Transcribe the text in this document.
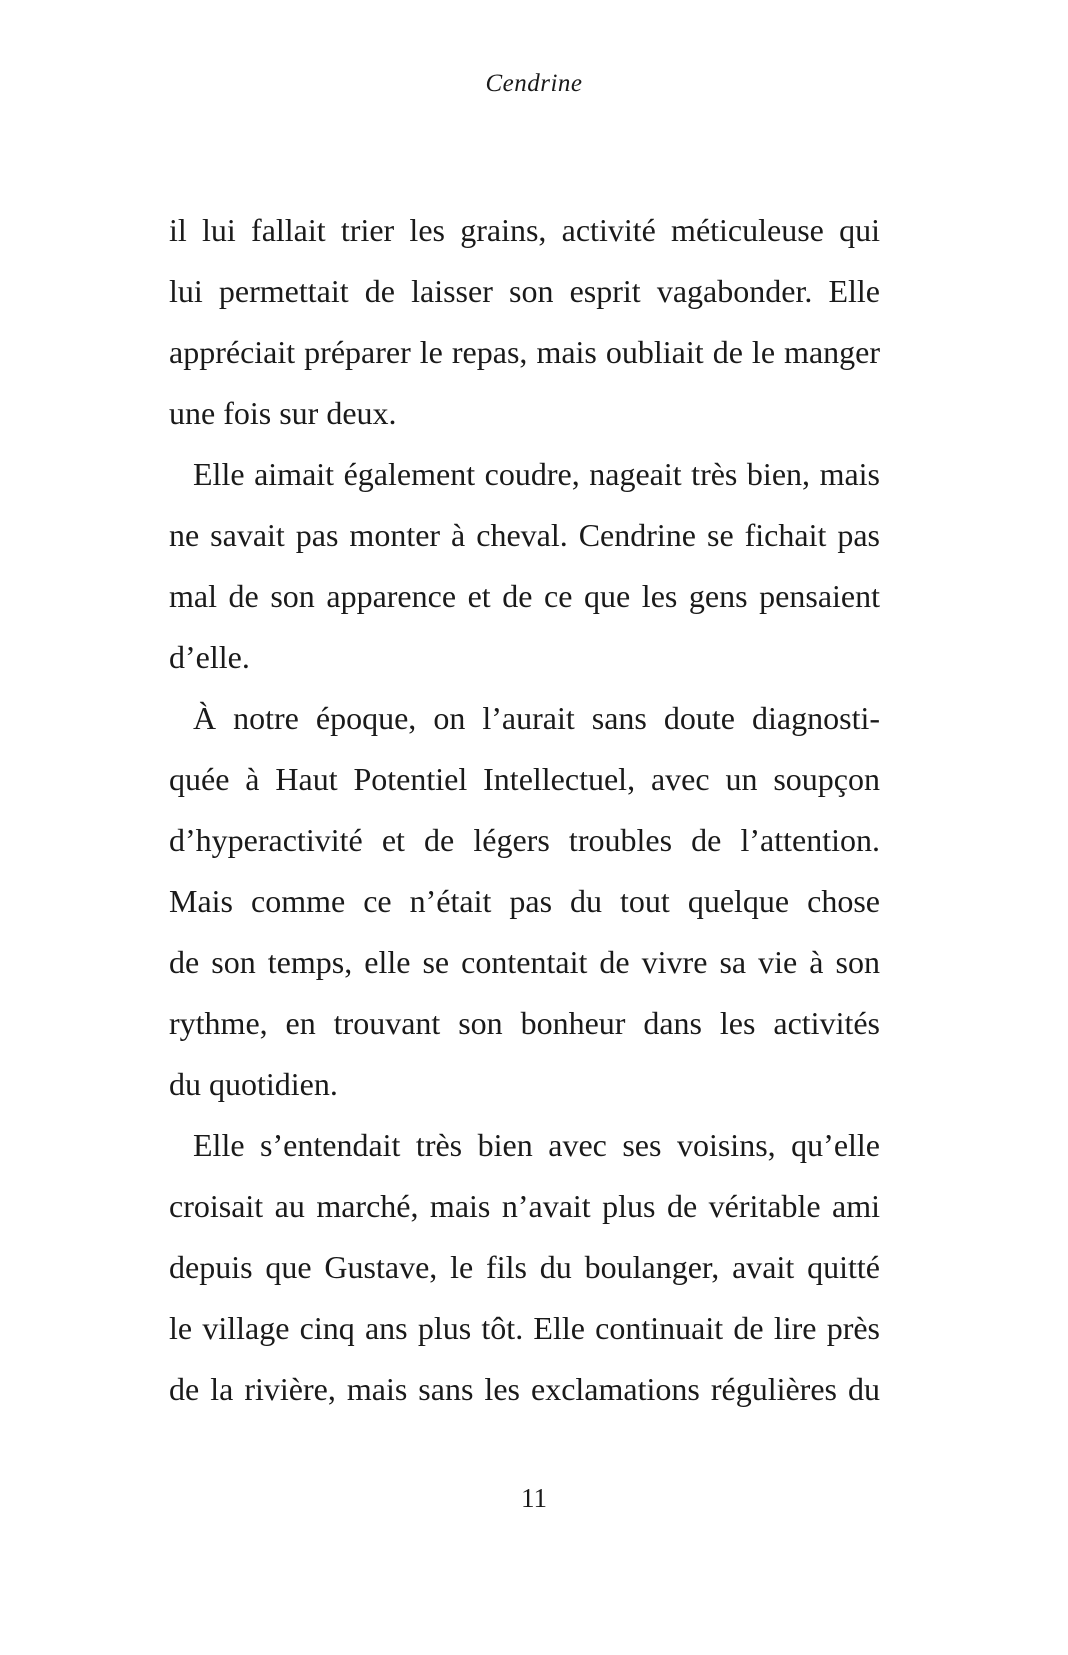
Cendrine
il lui fallait trier les grains, activité méticuleuse qui
lui permettait de laisser son esprit vagabonder. Elle
appréciait préparer le repas, mais oubliait de le manger
une fois sur deux.
Elle aimait également coudre, nageait très bien, mais
ne savait pas monter à cheval. Cendrine se fichait pas
mal de son apparence et de ce que les gens pensaient
d’elle.
À notre époque, on l’aurait sans doute diagnosti-
quée à Haut Potentiel Intellectuel, avec un soupçon
d’hyperactivité et de légers troubles de l’attention.
Mais comme ce n’était pas du tout quelque chose
de son temps, elle se contentait de vivre sa vie à son
rythme, en trouvant son bonheur dans les activités
du quotidien.
Elle s’entendait très bien avec ses voisins, qu’elle
croisait au marché, mais n’avait plus de véritable ami
depuis que Gustave, le fils du boulanger, avait quitté
le village cinq ans plus tôt. Elle continuait de lire près
de la rivière, mais sans les exclamations régulières du
11
